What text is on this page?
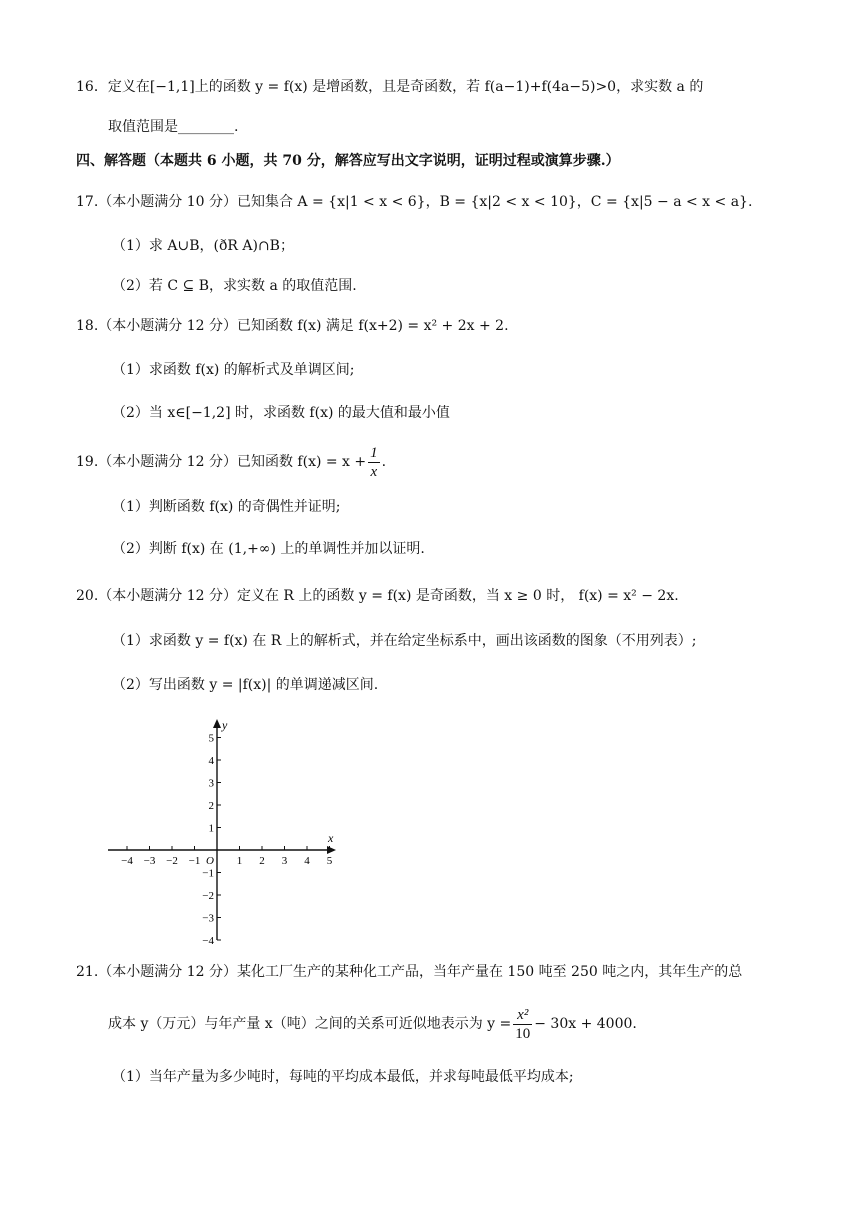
16．定义在[−1,1]上的函数 y = f(x) 是增函数，且是奇函数，若 f(a−1)+f(4a−5)>0，求实数 a 的
取值范围是________.
四、解答题（本题共 6 小题，共 70 分，解答应写出文字说明，证明过程或演算步骤.）
17.（本小题满分 10 分）已知集合 A = {x|1 < x < 6}，B = {x|2 < x < 10}，C = {x|5 − a < x < a}.
（1）求 A∪B，(ðR A)∩B；
（2）若 C ⊆ B，求实数 a 的取值范围.
18.（本小题满分 12 分）已知函数 f(x) 满足 f(x+2) = x² + 2x + 2.
（1）求函数 f(x) 的解析式及单调区间;
（2）当 x∈[−1,2] 时，求函数 f(x) 的最大值和最小值
19.（本小题满分 12 分）已知函数 $f(x) = x + \frac{1}{x}$ .
（1）判断函数 f(x) 的奇偶性并证明;
（2）判断 f(x) 在 (1,+∞) 上的单调性并加以证明.
20.（本小题满分 12 分）定义在 R 上的函数 y = f(x) 是奇函数，当 x ≥ 0 时， f(x) = x² − 2x.
（1）求函数 y = f(x) 在 R 上的解析式，并在给定坐标系中，画出该函数的图象（不用列表）;
（2）写出函数 y = |f(x)| 的单调递减区间.
x
y
O
−4 −3 −2 −1	1 2 3 4 5
5
4
3
2
1
−1
−2
−3
−4
21.（本小题满分 12 分）某化工厂生产的某种化工产品，当年产量在 150 吨至 250 吨之内，其年生产的总
成本 y（万元）与年产量 x（吨）之间的关系可近似地表示为 $y = \frac{\text{x²}}{10} - 30x + 4000$.
（1）当年产量为多少吨时，每吨的平均成本最低，并求每吨最低平均成本;
